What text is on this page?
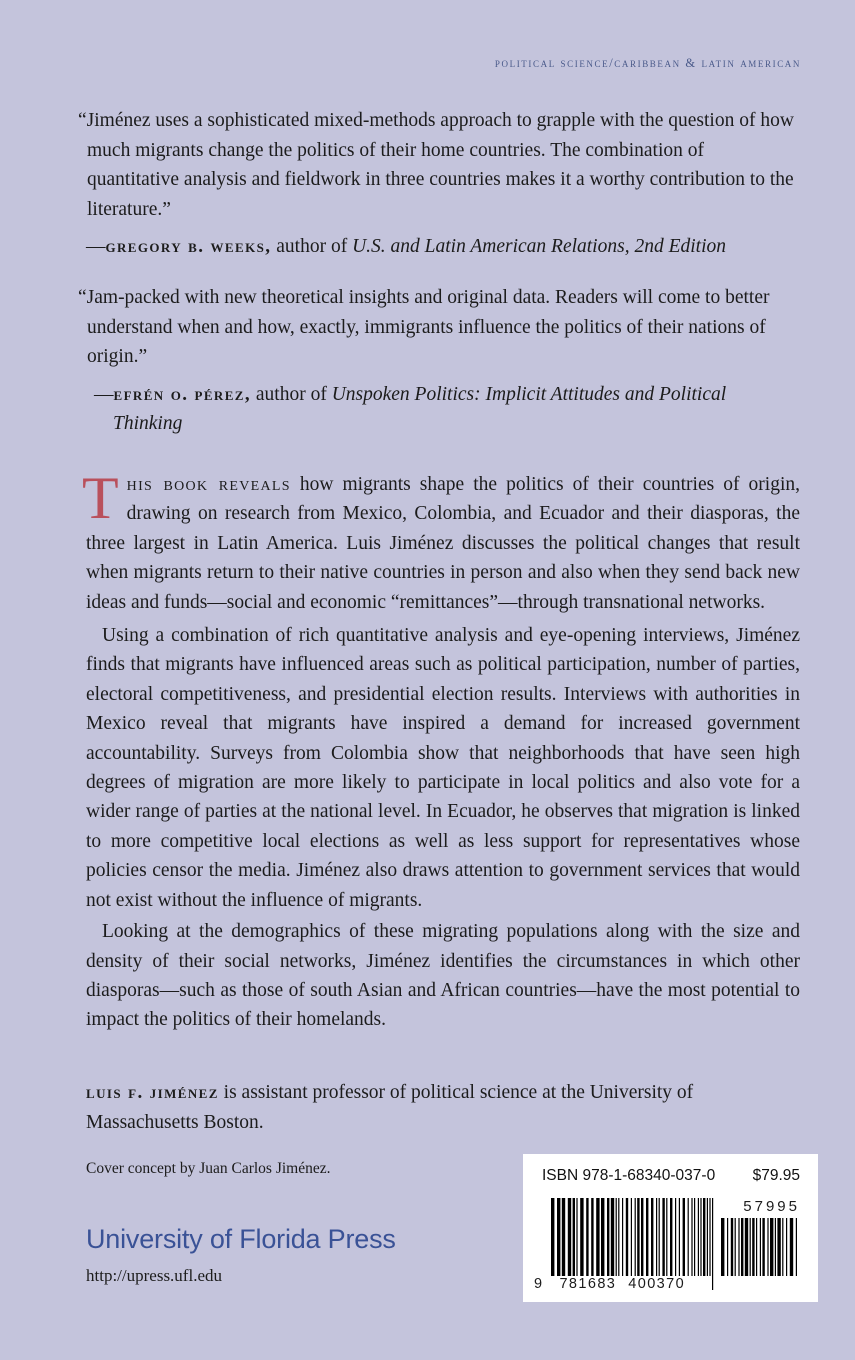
political science/caribbean & latin american

“Jiménez uses a sophisticated mixed-methods approach to grapple with the question of how much migrants change the politics of their home countries. The combination of quantitative analysis and fieldwork in three countries makes it a worthy contribution to the literature.”

—gregory b. weeks, author of U.S. and Latin American Relations, 2nd Edition

“Jam-packed with new theoretical insights and original data. Readers will come to better understand when and how, exactly, immigrants influence the politics of their nations of origin.”

—efrén o. pérez, author of Unspoken Politics: Implicit Attitudes and Political Thinking

This book reveals how migrants shape the politics of their countries of origin, drawing on research from Mexico, Colombia, and Ecuador and their diasporas, the three largest in Latin America. Luis Jiménez discusses the political changes that result when migrants return to their native countries in person and also when they send back new ideas and funds—social and economic “remittances”—through transnational networks.

Using a combination of rich quantitative analysis and eye-opening interviews, Jiménez finds that migrants have influenced areas such as political participation, number of parties, electoral competitiveness, and presidential election results. Interviews with authorities in Mexico reveal that migrants have inspired a demand for increased government accountability. Surveys from Colombia show that neighborhoods that have seen high degrees of migration are more likely to participate in local politics and also vote for a wider range of parties at the national level. In Ecuador, he observes that migration is linked to more competitive local elections as well as less support for representatives whose policies censor the media. Jiménez also draws attention to government services that would not exist without the influence of migrants.

Looking at the demographics of these migrating populations along with the size and density of their social networks, Jiménez identifies the circumstances in which other diasporas—such as those of south Asian and African countries—have the most potential to impact the politics of their homelands.

luis f. jiménez is assistant professor of political science at the University of Massachusetts Boston.
Cover concept by Juan Carlos Jiménez.
University of Florida Press
http://upress.ufl.edu
ISBN 978-1-68340-037-0 $79.95
57995
9 781683 400370
